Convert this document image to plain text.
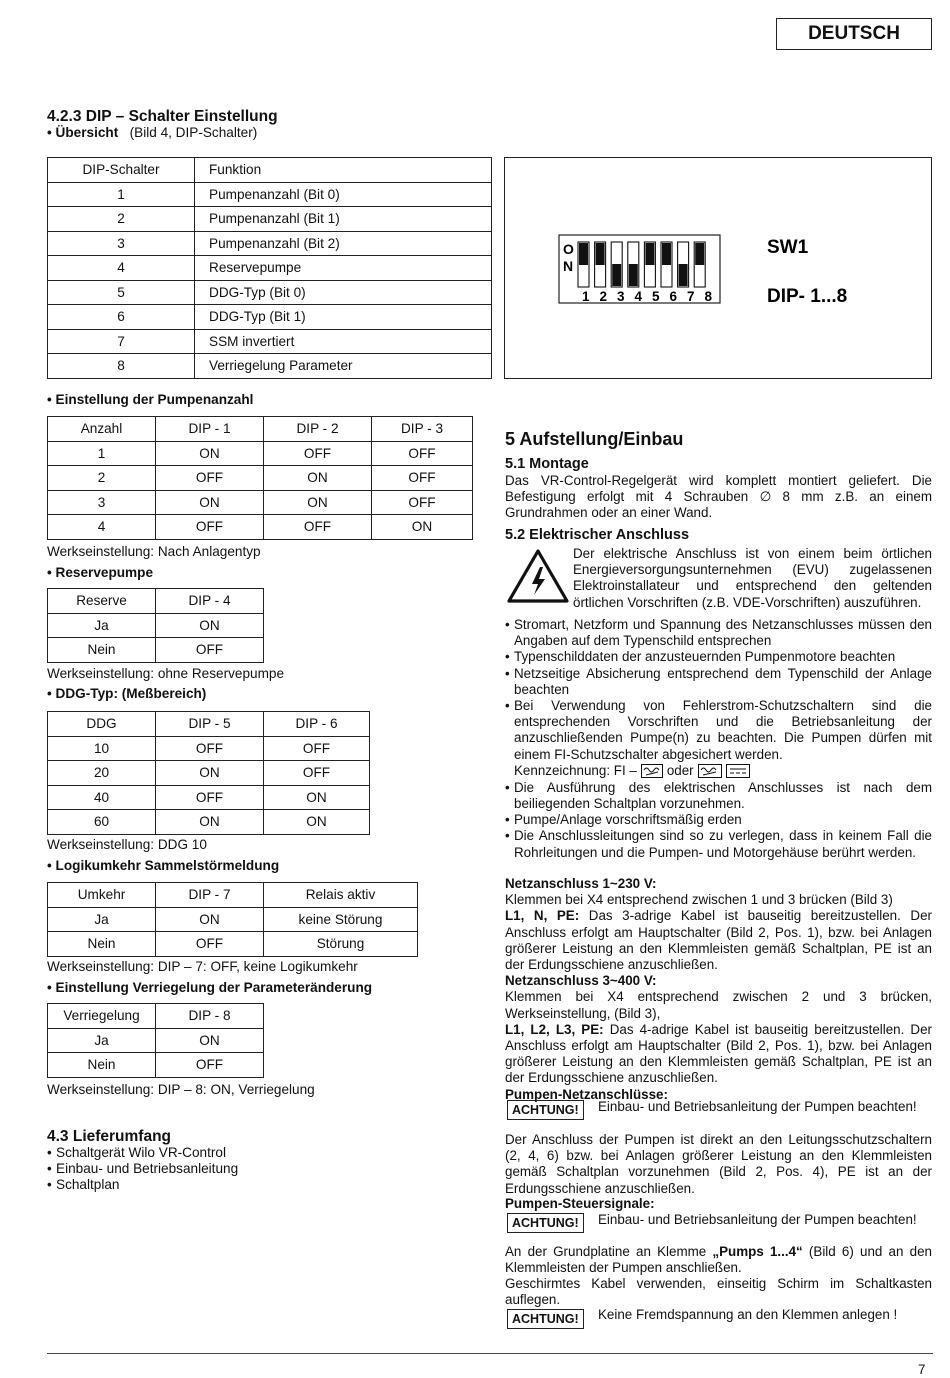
DEUTSCH
4.2.3 DIP – Schalter Einstellung
• Übersicht (Bild 4, DIP-Schalter)
DIP-Schalter	Funktion
1	Pumpenanzahl (Bit 0)
2	Pumpenanzahl (Bit 1)
3	Pumpenanzahl (Bit 2)
4	Reservepumpe
5	DDG-Typ (Bit 0)
6	DDG-Typ (Bit 1)
7	SSM invertiert
8	Verriegelung Parameter
O
N
1 2 3 4 5 6 7 8
SW1
DIP- 1...8
• Einstellung der Pumpenanzahl
Anzahl	DIP - 1	DIP - 2	DIP - 3
1	ON	OFF	OFF
2	OFF	ON	OFF
3	ON	ON	OFF
4	OFF	OFF	ON
Werkseinstellung: Nach Anlagentyp
• Reservepumpe
Reserve	DIP - 4
Ja	ON
Nein	OFF
Werkseinstellung: ohne Reservepumpe
• DDG-Typ: (Meßbereich)
DDG	DIP - 5	DIP - 6
10	OFF	OFF
20	ON	OFF
40	OFF	ON
60	ON	ON
Werkseinstellung: DDG 10
• Logikumkehr Sammelstörmeldung
Umkehr	DIP - 7	Relais aktiv
Ja	ON	keine Störung
Nein	OFF	Störung
Werkseinstellung: DIP – 7: OFF, keine Logikumkehr
• Einstellung Verriegelung der Parameteränderung
Verriegelung	DIP - 8
Ja	ON
Nein	OFF
Werkseinstellung: DIP – 8: ON, Verriegelung
4.3 Lieferumfang
• Schaltgerät Wilo VR-Control
• Einbau- und Betriebsanleitung
• Schaltplan
5 Aufstellung/Einbau
5.1 Montage
Das VR-Control-Regelgerät wird komplett montiert geliefert. Die Befestigung erfolgt mit 4 Schrauben ∅ 8 mm z.B. an einem Grundrahmen oder an einer Wand.
5.2 Elektrischer Anschluss
Der elektrische Anschluss ist von einem beim örtlichen Energieversorgungsunternehmen (EVU) zugelassenen Elektroinstallateur und entsprechend den geltenden örtlichen Vorschriften (z.B. VDE-Vorschriften) auszuführen.
• Stromart, Netzform und Spannung des Netzanschlusses müssen den Angaben auf dem Typenschild entsprechen
• Typenschilddaten der anzusteuernden Pumpenmotore beachten
• Netzseitige Absicherung entsprechend dem Typenschild der Anlage beachten
• Bei Verwendung von Fehlerstrom-Schutzschaltern sind die entsprechenden Vorschriften und die Betriebsanleitung der anzuschließenden Pumpe(n) zu beachten. Die Pumpen dürfen mit einem FI-Schutzschalter abgesichert werden.
Kennzeichnung: FI – oder
• Die Ausführung des elektrischen Anschlusses ist nach dem beiliegenden Schaltplan vorzunehmen.
• Pumpe/Anlage vorschriftsmäßig erden
• Die Anschlussleitungen sind so zu verlegen, dass in keinem Fall die Rohrleitungen und die Pumpen- und Motorgehäuse berührt werden.
Netzanschluss 1~230 V:
Klemmen bei X4 entsprechend zwischen 1 und 3 brücken (Bild 3)
L1, N, PE: Das 3-adrige Kabel ist bauseitig bereitzustellen. Der Anschluss erfolgt am Hauptschalter (Bild 2, Pos. 1), bzw. bei Anlagen größerer Leistung an den Klemmleisten gemäß Schaltplan, PE ist an der Erdungsschiene anzuschließen.
Netzanschluss 3~400 V:
Klemmen bei X4 entsprechend zwischen 2 und 3 brücken, Werkseinstellung, (Bild 3),
L1, L2, L3, PE: Das 4-adrige Kabel ist bauseitig bereitzustellen. Der Anschluss erfolgt am Hauptschalter (Bild 2, Pos. 1), bzw. bei Anlagen größerer Leistung an den Klemmleisten gemäß Schaltplan, PE ist an der Erdungsschiene anzuschließen.
Pumpen-Netzanschlüsse:
ACHTUNG!	Einbau- und Betriebsanleitung der Pumpen beachten!
Der Anschluss der Pumpen ist direkt an den Leitungsschutzschaltern (2, 4, 6) bzw. bei Anlagen größerer Leistung an den Klemmleisten gemäß Schaltplan vorzunehmen (Bild 2, Pos. 4), PE ist an der Erdungsschiene anzuschließen.
Pumpen-Steuersignale:
ACHTUNG!	Einbau- und Betriebsanleitung der Pumpen beachten!
An der Grundplatine an Klemme „Pumps 1...4“ (Bild 6) und an den Klemmleisten der Pumpen anschließen.
Geschirmtes Kabel verwenden, einseitig Schirm im Schaltkasten auflegen.
ACHTUNG!	Keine Fremdspannung an den Klemmen anlegen !
7
